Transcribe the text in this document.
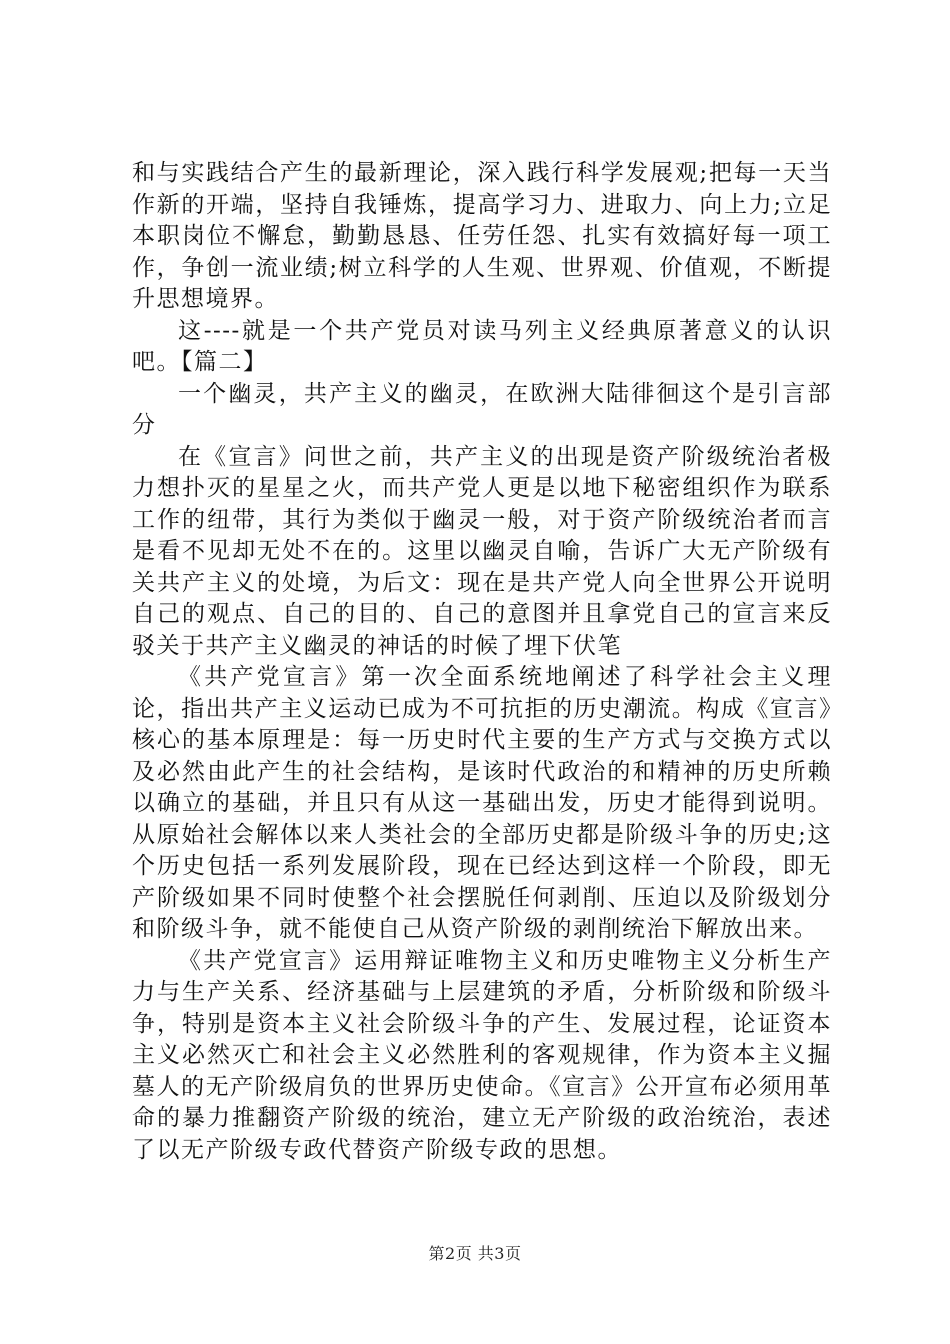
和与实践结合产生的最新理论，深入践行科学发展观;把每一天当作新的开端，坚持自我锤炼，提高学习力、进取力、向上力;立足本职岗位不懈怠，勤勤恳恳、任劳任怨、扎实有效搞好每一项工作，争创一流业绩;树立科学的人生观、世界观、价值观，不断提升思想境界。

这----就是一个共产党员对读马列主义经典原著意义的认识吧。【篇二】

一个幽灵，共产主义的幽灵，在欧洲大陆徘徊这个是引言部分

在《宣言》问世之前，共产主义的出现是资产阶级统治者极力想扑灭的星星之火，而共产党人更是以地下秘密组织作为联系工作的纽带，其行为类似于幽灵一般，对于资产阶级统治者而言是看不见却无处不在的。这里以幽灵自喻，告诉广大无产阶级有关共产主义的处境，为后文：现在是共产党人向全世界公开说明自己的观点、自己的目的、自己的意图并且拿党自己的宣言来反驳关于共产主义幽灵的神话的时候了埋下伏笔

《共产党宣言》第一次全面系统地阐述了科学社会主义理论，指出共产主义运动已成为不可抗拒的历史潮流。构成《宣言》核心的基本原理是：每一历史时代主要的生产方式与交换方式以及必然由此产生的社会结构，是该时代政治的和精神的历史所赖以确立的基础，并且只有从这一基础出发，历史才能得到说明。从原始社会解体以来人类社会的全部历史都是阶级斗争的历史;这个历史包括一系列发展阶段，现在已经达到这样一个阶段，即无产阶级如果不同时使整个社会摆脱任何剥削、压迫以及阶级划分和阶级斗争，就不能使自己从资产阶级的剥削统治下解放出来。

《共产党宣言》运用辩证唯物主义和历史唯物主义分析生产力与生产关系、经济基础与上层建筑的矛盾，分析阶级和阶级斗争，特别是资本主义社会阶级斗争的产生、发展过程，论证资本主义必然灭亡和社会主义必然胜利的客观规律，作为资本主义掘墓人的无产阶级肩负的世界历史使命。《宣言》公开宣布必须用革命的暴力推翻资产阶级的统治，建立无产阶级的政治统治，表述了以无产阶级专政代替资产阶级专政的思想。

第2页 共3页
